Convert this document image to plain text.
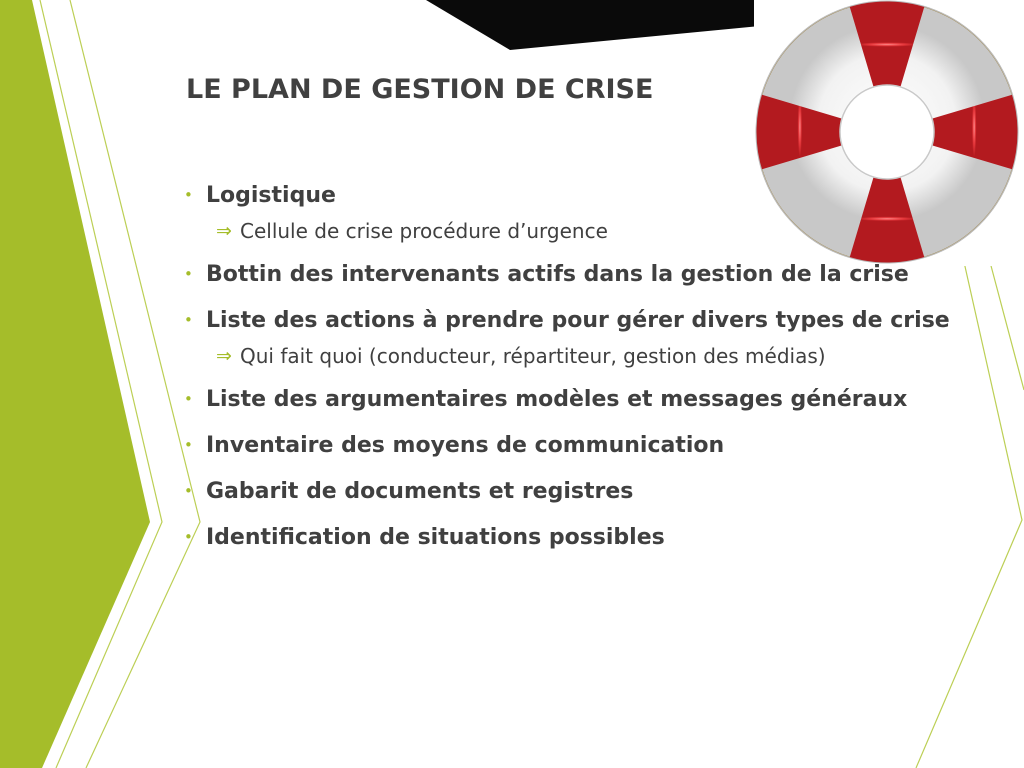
LE PLAN DE GESTION DE CRISE
• Logistique
⇒ Cellule de crise procédure d’urgence
• Bottin des intervenants actifs dans la gestion de la crise
• Liste des actions à prendre pour gérer divers types de crise
⇒ Qui fait quoi (conducteur, répartiteur, gestion des médias)
• Liste des argumentaires modèles et messages généraux
• Inventaire des moyens de communication
• Gabarit de documents et registres
• Identification de situations possibles
